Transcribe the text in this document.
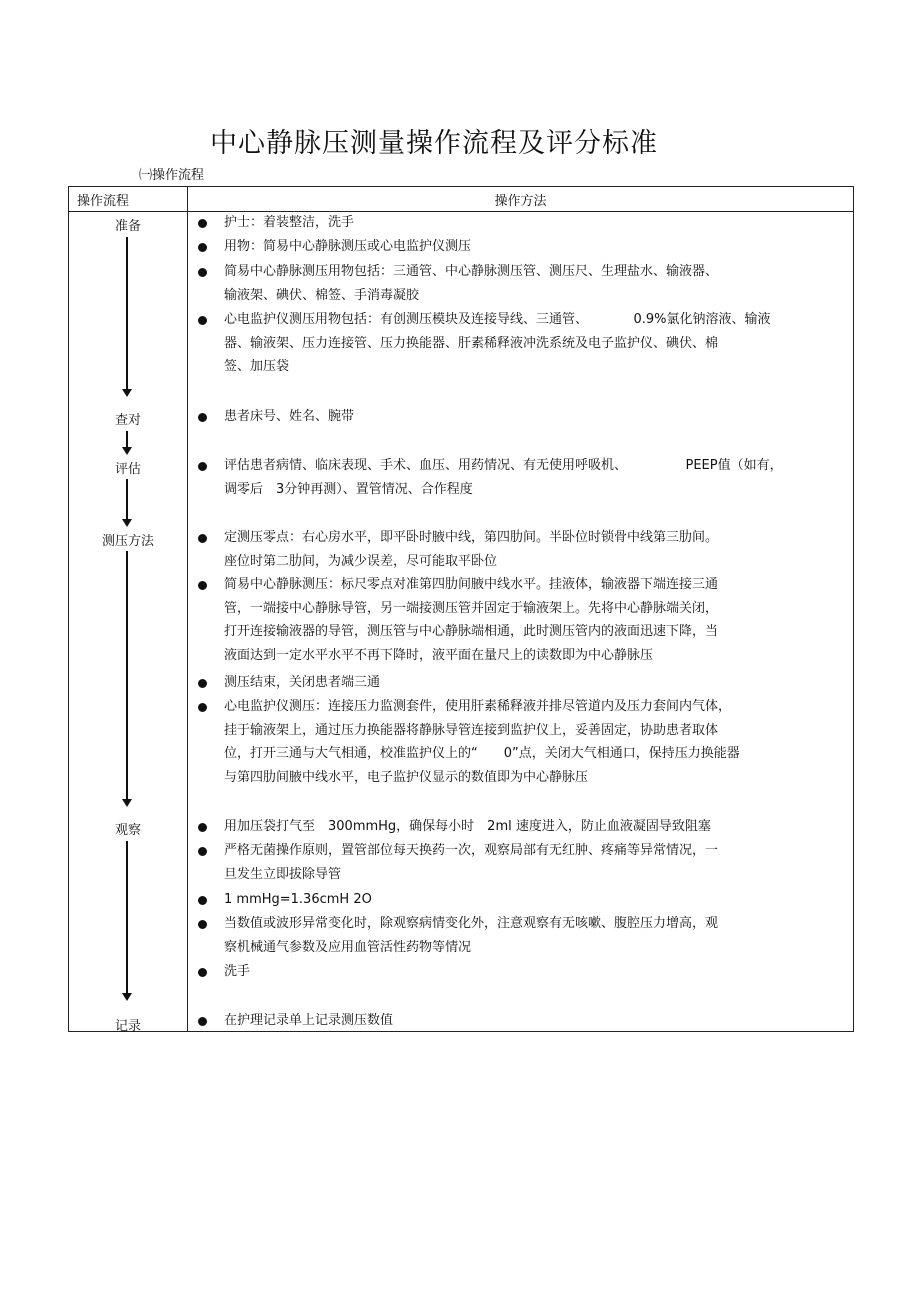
中心静脉压测量操作流程及评分标准
㈠操作流程
操作流程	操作方法
准备
查对
评估
测压方法
观察
记录
护士：着装整洁，洗手
用物：简易中心静脉测压或心电监护仪测压
简易中心静脉测压用物包括：三通管、中心静脉测压管、测压尺、生理盐水、输液器、
输液架、碘伏、棉签、手消毒凝胶
心电监护仪测压用物包括：有创测压模块及连接导线、三通管、　　　　0.9%氯化钠溶液、输液
器、输液架、压力连接管、压力换能器、肝素稀释液冲洗系统及电子监护仪、碘伏、棉
签、加压袋
患者床号、姓名、腕带
评估患者病情、临床表现、手术、血压、用药情况、有无使用呼吸机、　　　　　PEEP值（如有，
调零后　3分钟再测）、置管情况、合作程度
定测压零点：右心房水平，即平卧时腋中线，第四肋间。半卧位时锁骨中线第三肋间。
座位时第二肋间，为减少误差，尽可能取平卧位
简易中心静脉测压：标尺零点对准第四肋间腋中线水平。挂液体，输液器下端连接三通
管，一端接中心静脉导管，另一端接测压管并固定于输液架上。先将中心静脉端关闭，
打开连接输液器的导管，测压管与中心静脉端相通，此时测压管内的液面迅速下降，当
液面达到一定水平水平不再下降时，液平面在量尺上的读数即为中心静脉压
测压结束，关闭患者端三通
心电监护仪测压：连接压力监测套件，使用肝素稀释液并排尽管道内及压力套间内气体，
挂于输液架上，通过压力换能器将静脉导管连接到监护仪上，妥善固定，协助患者取体
位，打开三通与大气相通，校准监护仪上的“　　0”点，关闭大气相通口，保持压力换能器
与第四肋间腋中线水平，电子监护仪显示的数值即为中心静脉压
用加压袋打气至　300mmHg，确保每小时　2ml 速度进入，防止血液凝固导致阻塞
严格无菌操作原则，置管部位每天换药一次，观察局部有无红肿、疼痛等异常情况，一
旦发生立即拔除导管
1 mmHg=1.36cmH 2O
当数值或波形异常变化时，除观察病情变化外，注意观察有无咳嗽、腹腔压力增高，观
察机械通气参数及应用血管活性药物等情况
洗手
在护理记录单上记录测压数值
